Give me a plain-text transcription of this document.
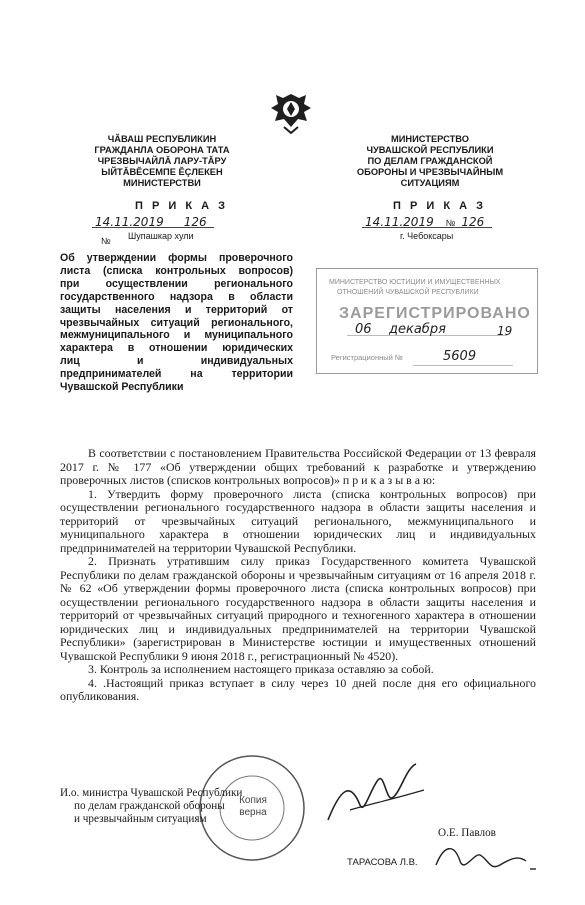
ЧĂВАШ РЕСПУБЛИКИН
ГРАЖДАНЛА ОБОРОНА ТАТА
ЧРЕЗВЫЧАЙЛĂ ЛАРУ-ТĂРУ
ЫЙТĂВĔСЕМПЕ ĔÇЛЕКЕН
МИНИСТЕРСТВИ
МИНИСТЕРСТВО
ЧУВАШСКОЙ РЕСПУБЛИКИ
ПО ДЕЛАМ ГРАЖДАНСКОЙ
ОБОРОНЫ И ЧРЕЗВЫЧАЙНЫМ
СИТУАЦИЯМ
П Р И К А З
14.11.2019 126 №	Шупашкар хули
П Р И К А З
14.11.2019 № 126
г. Чебоксары
Об утверждении формы проверочного
листа (списка контрольных вопросов)
при осуществлении регионального
государственного надзора в области
защиты населения и территорий от
чрезвычайных ситуаций регионального,
межмуниципального и муниципального
характера в отношении юридических
лиц и индивидуальных
предпринимателей на территории
Чувашской Республики
МИНИСТЕРСТВО ЮСТИЦИИ И ИМУЩЕСТВЕННЫХ
ОТНОШЕНИЙ ЧУВАШСКОЙ РЕСПУБЛИКИ
ЗАРЕГИСТРИРОВАНО
06 декабря	19
Регистрационный №	5609

В соответствии с постановлением Правительства Российской Федерации от 13 февраля 2017 г. № 177 «Об утверждении общих требований к разработке и утверждению проверочных листов (списков контрольных вопросов)» п р и к а з ы в а ю:

1. Утвердить форму проверочного листа (списка контрольных вопросов) при осуществлении регионального государственного надзора в области защиты населения и территорий от чрезвычайных ситуаций регионального, межмуниципального и муниципального характера в отношении юридических лиц и индивидуальных предпринимателей на территории Чувашской Республики.

2. Признать утратившим силу приказ Государственного комитета Чувашской Республики по делам гражданской обороны и чрезвычайным ситуациям от 16 апреля 2018 г. № 62 «Об утверждении формы проверочного листа (списка контрольных вопросов) при осуществлении регионального государственного надзора в области защиты населения и территорий от чрезвычайных ситуаций природного и техногенного характера в отношении юридических лиц и индивидуальных предпринимателей на территории Чувашской Республики» (зарегистрирован в Министерстве юстиции и имущественных отношений Чувашской Республики 9 июня 2018 г., регистрационный № 4520).

3. Контроль за исполнением настоящего приказа оставляю за собой.

4. .Настоящий приказ вступает в силу через 10 дней после дня его официального опубликования.

Копия верна
И.о. министра Чувашской Республики
по делам гражданской обороны
и чрезвычайным ситуациям
О.Е. Павлов
ТАРАСОВА Л.В.
